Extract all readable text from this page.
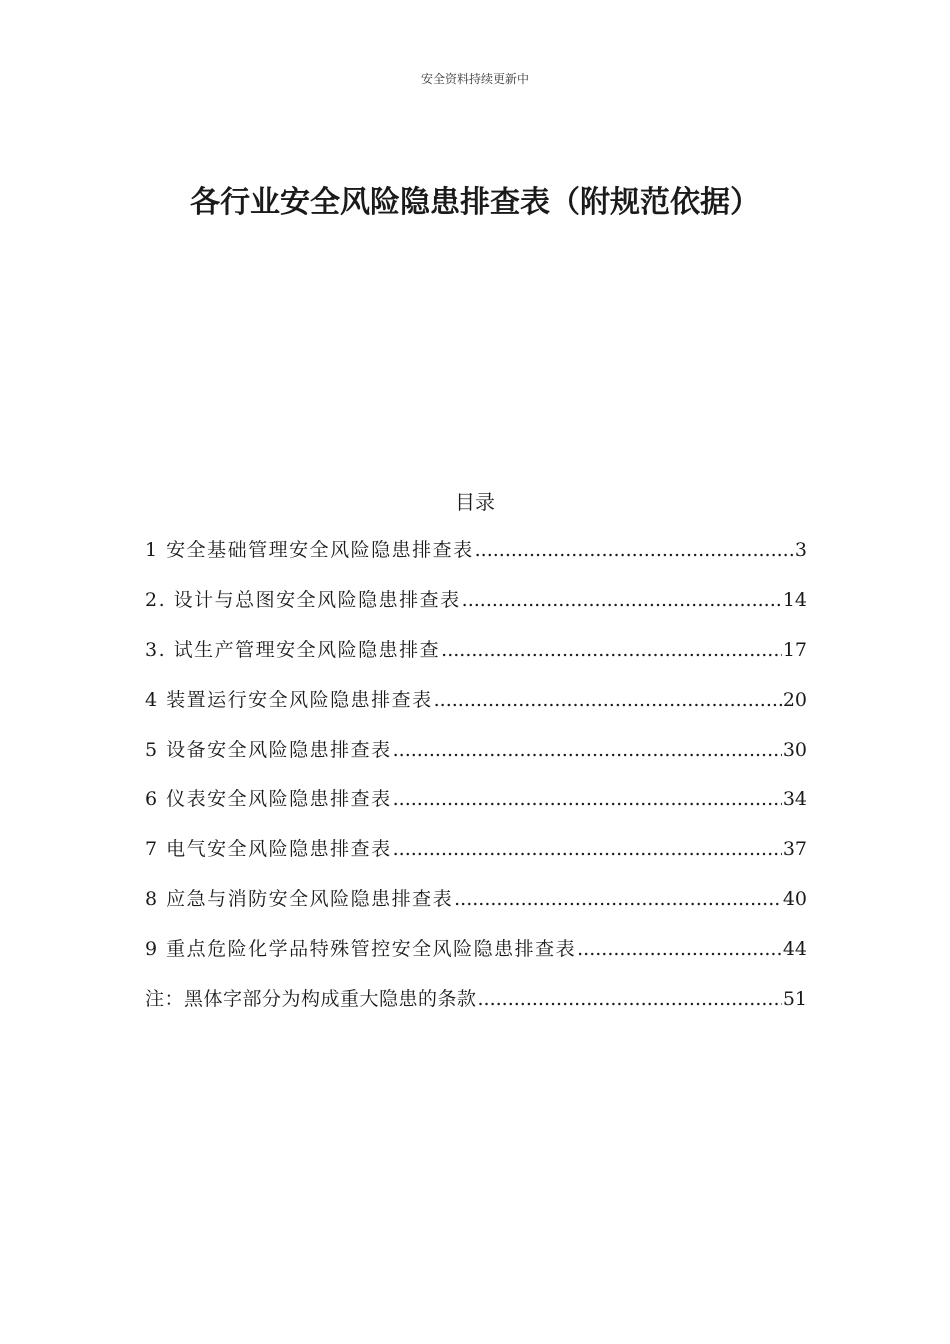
安全资料持续更新中
各行业安全风险隐患排查表（附规范依据）
目录
1 安全基础管理安全风险隐患排查表 .....	3
2. 设计与总图安全风险隐患排查表 .....	14
3. 试生产管理安全风险隐患排查 .....	17
4 装置运行安全风险隐患排查表 .....	20
5 设备安全风险隐患排查表 .....	30
6 仪表安全风险隐患排查表 .....	34
7 电气安全风险隐患排查表 .....	37
8 应急与消防安全风险隐患排查表 .....	40
9 重点危险化学品特殊管控安全风险隐患排查表 .....	44
注：黑体字部分为构成重大隐患的条款 .....	51
